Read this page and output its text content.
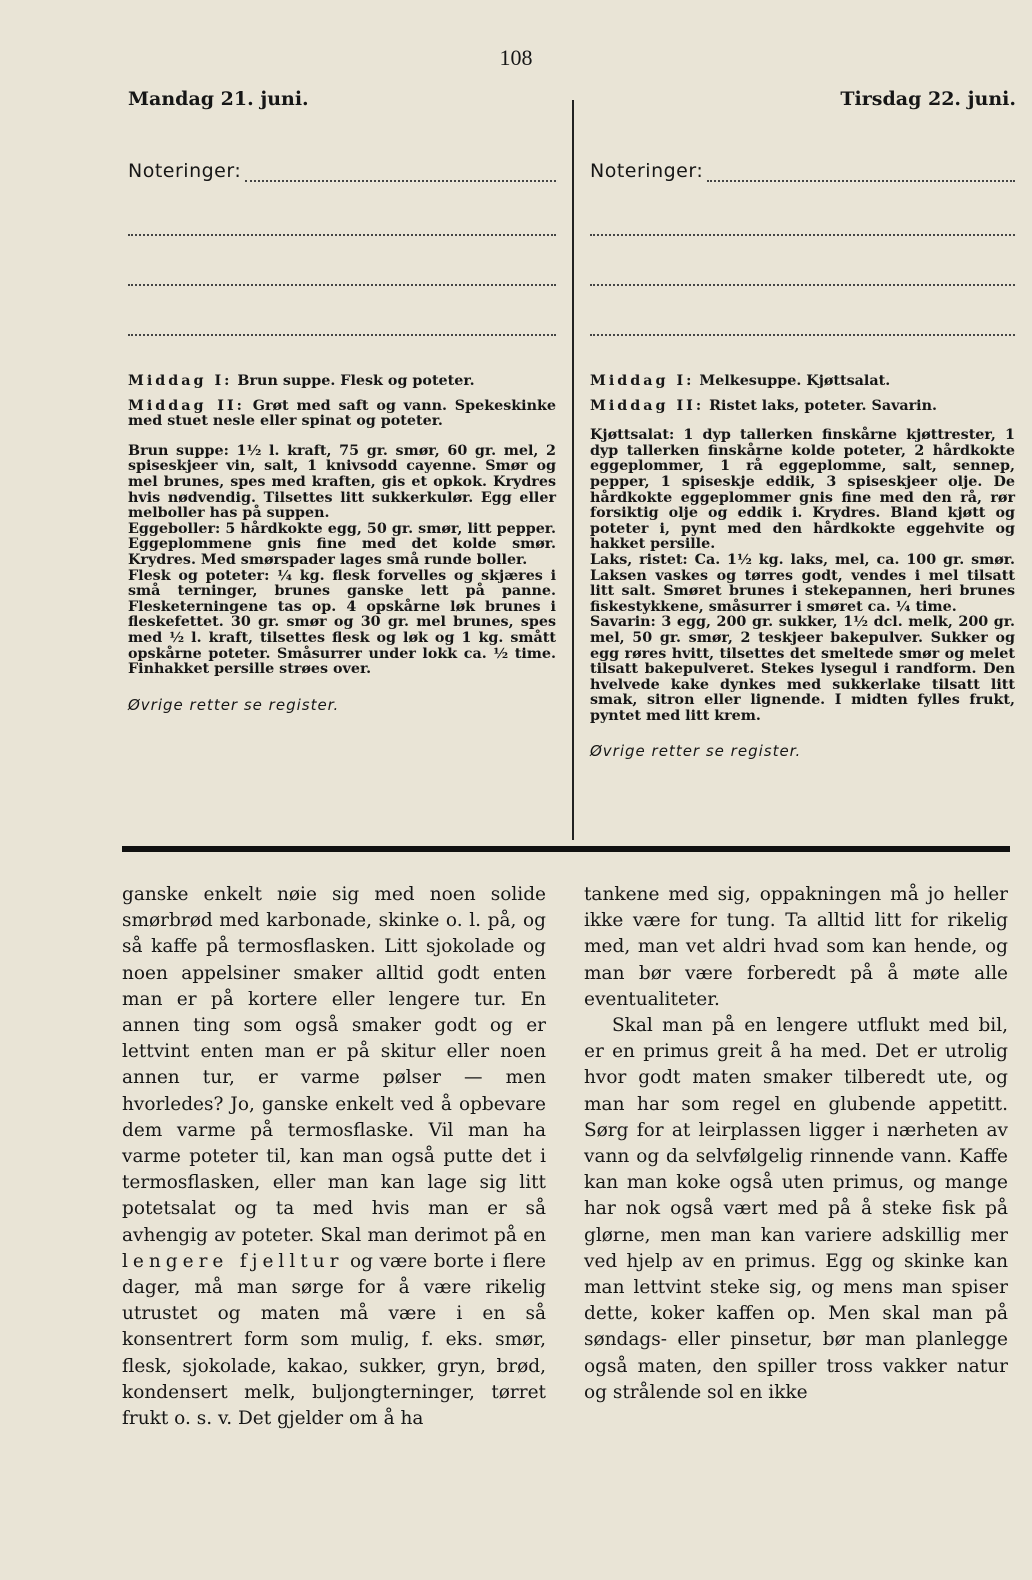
108
Mandag 21. juni.	Tirsdag 22. juni.
Noteringer:

Middag I: Brun suppe. Flesk og poteter.

Middag II: Grøt med saft og vann. Spekeskinke med stuet nesle eller spinat og poteter.

Brun suppe: 1½ l. kraft, 75 gr. smør, 60 gr. mel, 2 spiseskjeer vin, salt, 1 knivsodd cayenne. Smør og mel brunes, spes med kraften, gis et opkok. Krydres hvis nødvendig. Tilsettes litt sukkerkulør. Egg eller melboller has på suppen.

Eggeboller: 5 hårdkokte egg, 50 gr. smør, litt pepper. Eggeplommene gnis fine med det kolde smør. Krydres. Med smørspader lages små runde boller.

Flesk og poteter: ¼ kg. flesk forvelles og skjæres i små terninger, brunes ganske lett på panne. Flesketerningene tas op. 4 opskårne løk brunes i fleskefettet. 30 gr. smør og 30 gr. mel brunes, spes med ½ l. kraft, tilsettes flesk og løk og 1 kg. smått opskårne poteter. Småsurrer under lokk ca. ½ time. Finhakket persille strøes over.

Øvrige retter se register.
Noteringer:

Middag I: Melkesuppe. Kjøttsalat.

Middag II: Ristet laks, poteter. Savarin.

Kjøttsalat: 1 dyp tallerken finskårne kjøttrester, 1 dyp tallerken finskårne kolde poteter, 2 hårdkokte eggeplommer, 1 rå eggeplomme, salt, sennep, pepper, 1 spiseskje eddik, 3 spiseskjeer olje. De hårdkokte eggeplommer gnis fine med den rå, rør forsiktig olje og eddik i. Krydres. Bland kjøtt og poteter i, pynt med den hårdkokte eggehvite og hakket persille.

Laks, ristet: Ca. 1½ kg. laks, mel, ca. 100 gr. smør. Laksen vaskes og tørres godt, vendes i mel tilsatt litt salt. Smøret brunes i stekepannen, heri brunes fiskestykkene, småsurrer i smøret ca. ¼ time.

Savarin: 3 egg, 200 gr. sukker, 1½ dcl. melk, 200 gr. mel, 50 gr. smør, 2 teskjeer bakepulver. Sukker og egg røres hvitt, tilsettes det smeltede smør og melet tilsatt bakepulveret. Stekes lysegul i randform. Den hvelvede kake dynkes med sukkerlake tilsatt litt smak, sitron eller lignende. I midten fylles frukt, pyntet med litt krem.

Øvrige retter se register.

ganske enkelt nøie sig med noen solide smørbrød med karbonade, skinke o. l. på, og så kaffe på termosflasken. Litt sjokolade og noen appelsiner smaker alltid godt enten man er på kortere eller lengere tur. En annen ting som også smaker godt og er lettvint enten man er på skitur eller noen annen tur, er varme pølser — men hvorledes? Jo, ganske enkelt ved å opbevare dem varme på termosflaske. Vil man ha varme poteter til, kan man også putte det i termosflasken, eller man kan lage sig litt potetsalat og ta med hvis man er så avhengig av poteter. Skal man derimot på en lengere fjelltur og være borte i flere dager, må man sørge for å være rikelig utrustet og maten må være i en så konsentrert form som mulig, f. eks. smør, flesk, sjokolade, kakao, sukker, gryn, brød, kondensert melk, buljongterninger, tørret frukt o. s. v. Det gjelder om å ha

tankene med sig, oppakningen må jo heller ikke være for tung. Ta alltid litt for rikelig med, man vet aldri hvad som kan hende, og man bør være forberedt på å møte alle eventualiteter.

Skal man på en lengere utflukt med bil, er en primus greit å ha med. Det er utrolig hvor godt maten smaker tilberedt ute, og man har som regel en glubende appetitt. Sørg for at leirplassen ligger i nærheten av vann og da selvfølgelig rinnende vann. Kaffe kan man koke også uten primus, og mange har nok også vært med på å steke fisk på glørne, men man kan variere adskillig mer ved hjelp av en primus. Egg og skinke kan man lettvint steke sig, og mens man spiser dette, koker kaffen op. Men skal man på søndags- eller pinsetur, bør man planlegge også maten, den spiller tross vakker natur og strålende sol en ikke
